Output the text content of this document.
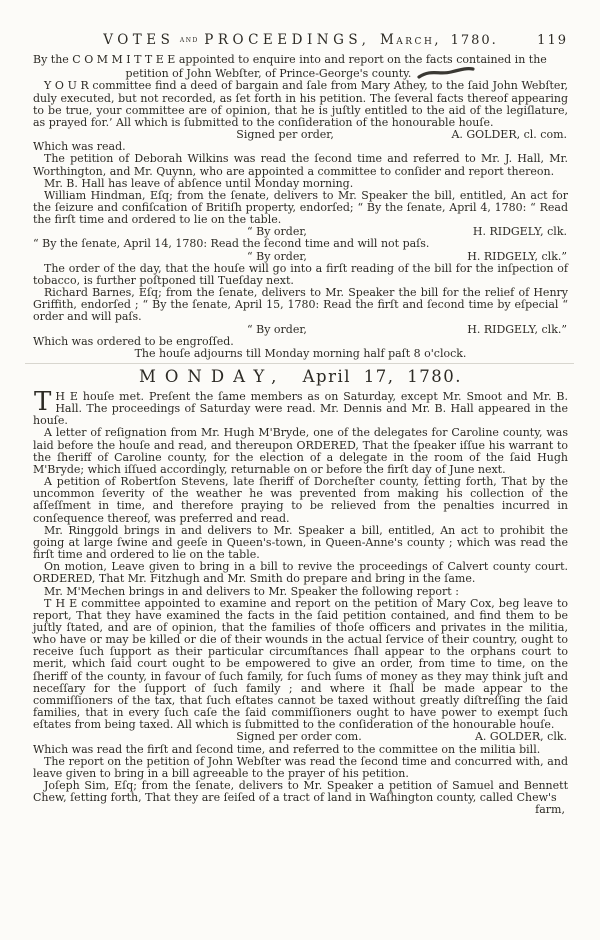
VOTES and PROCEEDINGS, March, 1780.	119

By the C O M M I T T E E appointed to enquire into and report on the facts contained in the

petition of John Webſter, of Prince-George's county.

Y O U R committee find a deed of bargain and ſale from Mary Athey, to the ſaid John Webſter, duly executed, but not recorded, as ſet forth in his petition. The ſeveral facts thereof appearing to be true, your committee are of opinion, that he is juſtly entitled to the aid of the legiſlature, as prayed for.’ All which is ſubmitted to the conſideration of the honourable houſe.

Signed per order,	A. GOLDER, cl. com.

Which was read.

The petition of Deborah Wilkins was read the ſecond time and referred to Mr. J. Hall, Mr. Worthington, and Mr. Quynn, who are appointed a committee to conſider and report thereon.

Mr. B. Hall has leave of abſence until Monday morning.

William Hindman, Eſq; from the ſenate, delivers to Mr. Speaker the bill, entitled, An act for the ſeizure and confiſcation of Britiſh property, endorſed; “ By the ſenate, April 4, 1780: “ Read the firſt time and ordered to lie on the table.

“ By order,	H. RIDGELY, clk.

“ By the ſenate, April 14, 1780: Read the ſecond time and will not paſs.

“ By order,	H. RIDGELY, clk.”

The order of the day, that the houſe will go into a firſt reading of the bill for the inſpection of tobacco, is further poſtponed till Tueſday next.

Richard Barnes, Eſq; from the ſenate, delivers to Mr. Speaker the bill for the relief of Henry Griffith, endorſed ; “ By the ſenate, April 15, 1780: Read the firſt and ſecond time by eſpecial “ order and will paſs.

“ By order,	H. RIDGELY, clk.”

Which was ordered to be engroſſed.

The houſe adjourns till Monday morning half paſt 8 o'clock.

MONDAY, April 17, 1780.

T H E houſe met. Preſent the ſame members as on Saturday, except Mr. Smoot and Mr. B. Hall. The proceedings of Saturday were read. Mr. Dennis and Mr. B. Hall appeared in the houſe.

A letter of reſignation from Mr. Hugh M'Bryde, one of the delegates for Caroline county, was laid before the houſe and read, and thereupon ORDERED, That the ſpeaker iſſue his warrant to the ſheriff of Caroline county, for the election of a delegate in the room of the ſaid Hugh M'Bryde; which iſſued accordingly, returnable on or before the firſt day of June next.

A petition of Robertſon Stevens, late ſheriff of Dorcheſter county, ſetting forth, That by the uncommon ſeverity of the weather he was prevented from making his collection of the aſſeſſment in time, and therefore praying to be relieved from the penalties incurred in conſequence thereof, was preferred and read.

Mr. Ringgold brings in and delivers to Mr. Speaker a bill, entitled, An act to prohibit the going at large ſwine and geeſe in Queen's-town, in Queen-Anne's county ; which was read the firſt time and ordered to lie on the table.

On motion, Leave given to bring in a bill to revive the proceedings of Calvert county court. ORDERED, That Mr. Fitzhugh and Mr. Smith do prepare and bring in the ſame.

Mr. M'Mechen brings in and delivers to Mr. Speaker the following report :

T H E committee appointed to examine and report on the petition of Mary Cox, beg leave to report, That they have examined the facts in the ſaid petition contained, and find them to be juſtly ſtated, and are of opinion, that the families of thoſe officers and privates in the militia, who have or may be killed or die of their wounds in the actual ſervice of their country, ought to receive ſuch ſupport as their particular circumſtances ſhall appear to the orphans court to merit, which ſaid court ought to be empowered to give an order, from time to time, on the ſheriff of the county, in favour of ſuch family, for ſuch ſums of money as they may think juſt and neceſſary for the ſupport of ſuch family ; and where it ſhall be made appear to the commiſſioners of the tax, that ſuch eſtates cannot be taxed without greatly diſtreſſing the ſaid families, that in every ſuch caſe the ſaid commiſſioners ought to have power to exempt ſuch eſtates from being taxed. All which is ſubmitted to the conſideration of the honourable houſe.

Signed per order com.	A. GOLDER, clk.

Which was read the firſt and ſecond time, and referred to the committee on the militia bill.

The report on the petition of John Webſter was read the ſecond time and concurred with, and leave given to bring in a bill agreeable to the prayer of his petition.

Joſeph Sim, Eſq; from the ſenate, delivers to Mr. Speaker a petition of Samuel and Bennett Chew, ſetting forth, That they are ſeiſed of a tract of land in Waſhington county, called Chew's

farm,
